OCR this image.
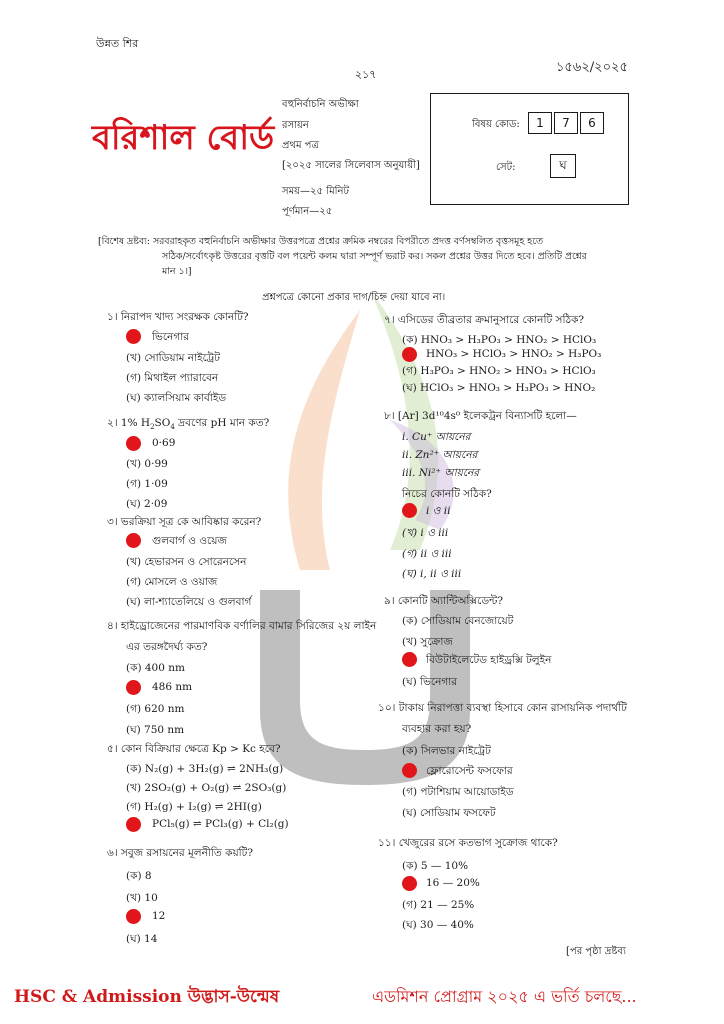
উন্নত শির
২১৭	১৫৬২/২০২৫
বরিশাল বোর্ড
বহুনির্বাচনি অভীক্ষা
রসায়ন
প্রথম পত্র
[২০২৫ সালের সিলেবাস অনুযায়ী]
সময়—২৫ মিনিট
পূর্ণমান—২৫
বিষয় কোড:	1	7	6
সেট:	ঘ
[বিশেষ দ্রষ্টব্য: সরবরাহকৃত বহুনির্বাচনি অভীক্ষার উত্তরপত্রে প্রশ্নের ক্রমিক নম্বরের বিপরীতে প্রদত্ত বর্ণসম্বলিত বৃত্তসমূহ হতে
সঠিক/সর্বোৎকৃষ্ট উত্তরের বৃত্তটি বল পয়েন্ট কলম দ্বারা সম্পূর্ণ ভরাট কর। সকল প্রশ্নের উত্তর দিতে হবে। প্রতিটি প্রশ্নের
মান ১।]
প্রশ্নপত্রে কোনো প্রকার দাগ/চিহ্ন দেয়া যাবে না।
১। নিরাপদ খাদ্য সংরক্ষক কোনটি?
ভিনেগার
(খ) সোডিয়াম নাইট্রেট
(গ) মিথাইল প্যারাবেন
(ঘ) ক্যালসিয়াম কার্বাইড
২। 1% $H_2SO_4$ দ্রবণের pH মান কত?
0·69
(খ) 0·99
(গ) 1·09
(ঘ) 2·09
৩। ভরক্রিয়া সূত্র কে আবিষ্কার করেন?
গুলবার্গ ও ওয়েজ
(খ) হেভারসন ও সোরেনসেন
(গ) মোসলে ও ওয়াজ
(ঘ) লা-শ্যাতেলিয়ে ও গুলবার্গ
৪। হাইড্রোজেনের পারমাণবিক বর্ণালির বামার সিরিজের ২য় লাইন
এর তরঙ্গদৈর্ঘ্য কত?
(ক) 400 nm
486 nm
(গ) 620 nm
(ঘ) 750 nm
৫। কোন বিক্রিয়ার ক্ষেত্রে Kp > Kc হবে?
(ক) N₂(g) + 3H₂(g) ⇌ 2NH₃(g)
(খ) 2SO₂(g) + O₂(g) ⇌ 2SO₃(g)
(গ) H₂(g) + I₂(g) ⇌ 2HI(g)
PCl₅(g) ⇌ PCl₃(g) + Cl₂(g)
৬। সবুজ রসায়নের মূলনীতি কয়টি?
(ক) 8
(খ) 10
12
(ঘ) 14
৭। এসিডের তীব্রতার ক্রমানুসারে কোনটি সঠিক?
(ক) HNO₃ > H₃PO₃ > HNO₂ > HClO₃
HNO₃ > HClO₃ > HNO₂ > H₃PO₃
(গ) H₃PO₃ > HNO₂ > HNO₃ > HClO₃
(ঘ) HClO₃ > HNO₃ > H₃PO₃ > HNO₂
৮। [Ar] 3d¹⁰4s⁰ ইলেকট্রন বিন্যাসটি হলো—
i. Cu⁺ আয়নের
ii. Zn²⁺ আয়নের
iii. Ni²⁺ আয়নের
নিচের কোনটি সঠিক?
i ও ii
(খ) i ও iii
(গ) ii ও iii
(ঘ) i, ii ও iii
৯। কোনটি অ্যান্টিঅক্সিডেন্ট?
(ক) সোডিয়াম বেনজোয়েট
(খ) সুক্রোজ
বিউটাইলেটেড হাইড্রক্সি টলুইন
(ঘ) ভিনেগার
১০। টাকায় নিরাপত্তা ব্যবস্থা হিসাবে কোন রাসায়নিক পদার্থটি
ব্যবহার করা হয়?
(ক) সিলভার নাইট্রেট
ফ্লোরোসেন্ট ফসফোর
(গ) পটাশিয়াম আয়োডাইড
(ঘ) সোডিয়াম ফসফেট
১১। খেজুরের রসে কতভাগ সুক্রোজ থাকে?
(ক) 5 — 10%
16 — 20%
(গ) 21 — 25%
(ঘ) 30 — 40%
[পর পৃষ্ঠা দ্রষ্টব্য
HSC & Admission উদ্ভাস-উন্মেষ	এডমিশন প্রোগ্রাম ২০২৫ এ ভর্তি চলছে...
